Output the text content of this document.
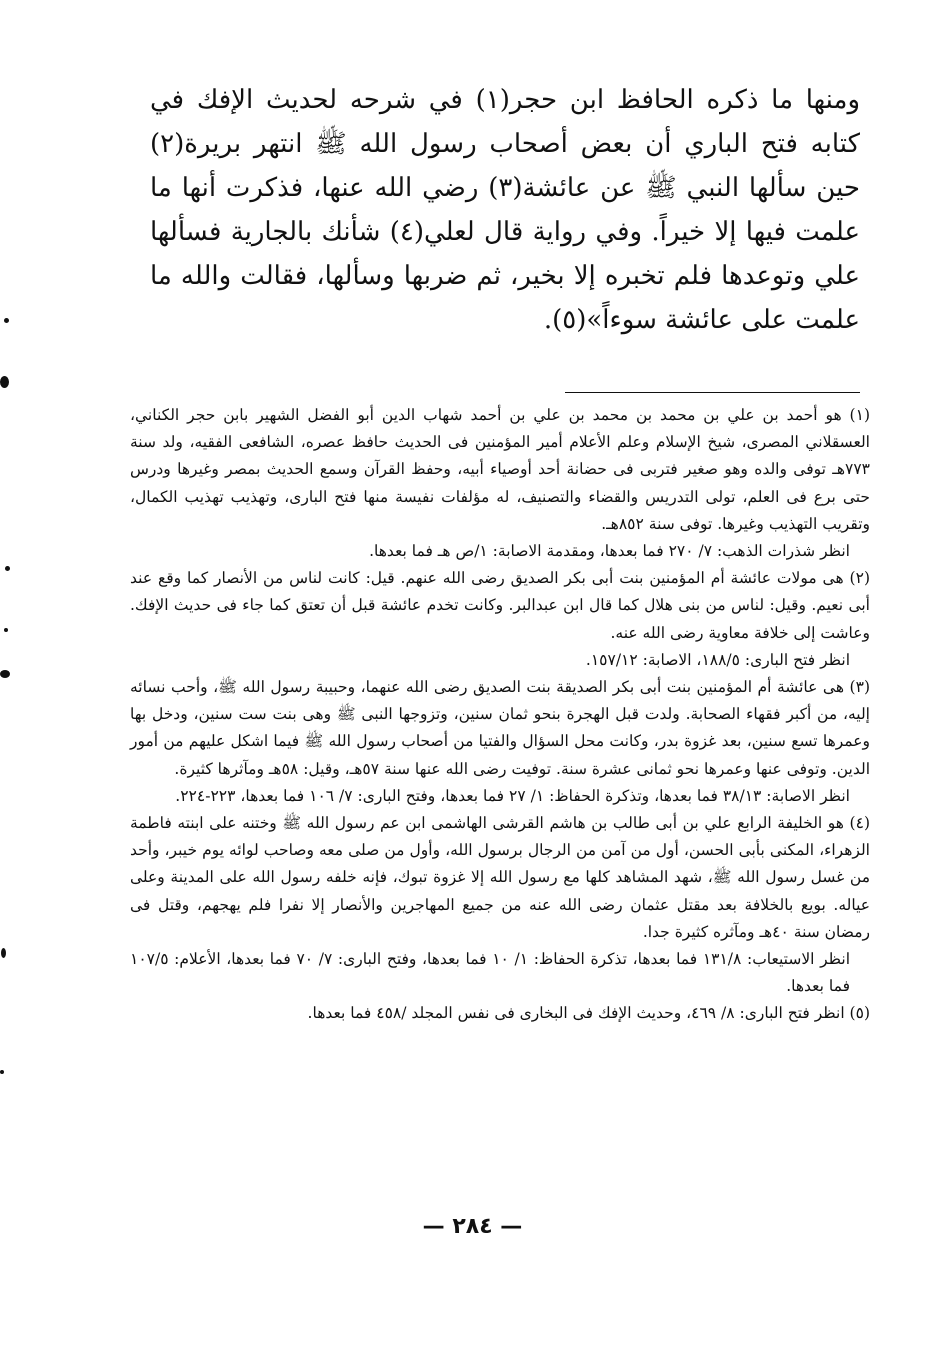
ومنها ما ذكره الحافظ ابن حجر(١) في شرحه لحديث الإفك في كتابه فتح الباري أن بعض أصحاب رسول الله ﷺ انتهر بريرة(٢) حين سألها النبي ﷺ عن عائشة(٣) رضي الله عنها، فذكرت أنها ما علمت فيها إلا خيراً. وفي رواية قال لعلي(٤) شأنك بالجارية فسألها علي وتوعدها فلم تخبره إلا بخير، ثم ضربها وسألها، فقالت والله ما علمت على عائشة سوءاً»(٥).

(١) هو أحمد بن علي بن محمد بن محمد بن علي بن أحمد شهاب الدين أبو الفضل الشهير بابن حجر الكناني، العسقلاني المصرى، شيخ الإسلام وعلم الأعلام أمير المؤمنين فى الحديث حافظ عصره، الشافعى الفقيه، ولد سنة ٧٧٣هـ توفى والده وهو صغير فتربى فى حضانة أحد أوصياء أبيه، وحفظ القرآن وسمع الحديث بمصر وغيرها ودرس حتى برع فى العلم، تولى التدريس والقضاء والتصنيف، له مؤلفات نفيسة منها فتح البارى، وتهذيب تهذيب الكمال، وتقريب التهذيب وغيرها. توفى سنة ٨٥٢هـ.

انظر شذرات الذهب: ٧/ ٢٧٠ فما بعدها، ومقدمة الاصابة: ١/ص هـ فما بعدها.

(٢) هى مولات عائشة أم المؤمنين بنت أبى بكر الصديق رضى الله عنهم. قيل: كانت لناس من الأنصار كما وقع عند أبى نعيم. وقيل: لناس من بنى هلال كما قال ابن عبدالبر. وكانت تخدم عائشة قبل أن تعتق كما جاء فى حديث الإفك. وعاشت إلى خلافة معاوية رضى الله عنه.

انظر فتح البارى: ١٨٨/٥، الاصابة: ١٥٧/١٢.

(٣) هى عائشة أم المؤمنين بنت أبى بكر الصديقة بنت الصديق رضى الله عنهما، وحبيبة رسول الله ﷺ، وأحب نسائه إليه، من أكبر فقهاء الصحابة. ولدت قبل الهجرة بنحو ثمان سنين، وتزوجها النبى ﷺ وهى بنت ست سنين، ودخل بها وعمرها تسع سنين، بعد غزوة بدر، وكانت محل السؤال والفتيا من أصحاب رسول الله ﷺ فيما اشكل عليهم من أمور الدين. وتوفى عنها وعمرها نحو ثمانى عشرة سنة. توفيت رضى الله عنها سنة ٥٧هـ، وقيل: ٥٨هـ ومآثرها كثيرة.

انظر الاصابة: ٣٨/١٣ فما بعدها، وتذكرة الحفاظ: ١/ ٢٧ فما بعدها، وفتح البارى: ٧/ ١٠٦ فما بعدها، ٢٢٣-٢٢٤.

(٤) هو الخليفة الرابع علي بن أبى طالب بن هاشم القرشى الهاشمى ابن عم رسول الله ﷺ وختنه على ابنته فاطمة الزهراء، المكنى بأبى الحسن، أول من آمن من الرجال برسول الله، وأول من صلى معه وصاحب لوائه يوم خيبر، وأحد من غسل رسول الله ﷺ، شهد المشاهد كلها مع رسول الله إلا غزوة تبوك، فإنه خلفه رسول الله على المدينة وعلى عياله. بويع بالخلافة بعد مقتل عثمان رضى الله عنه من جميع المهاجرين والأنصار إلا نفرا فلم يهجهم، وقتل فى رمضان سنة ٤٠هـ ومآثره كثيرة جدا.

انظر الاستيعاب: ١٣١/٨ فما بعدها، تذكرة الحفاظ: ١/ ١٠ فما بعدها، وفتح البارى: ٧/ ٧٠ فما بعدها، الأعلام: ١٠٧/٥ فما بعدها.

(٥) انظر فتح البارى: ٨/ ٤٦٩، وحديث الإفك فى البخارى فى نفس المجلد /٤٥٨ فما بعدها.

— ٢٨٤ —
